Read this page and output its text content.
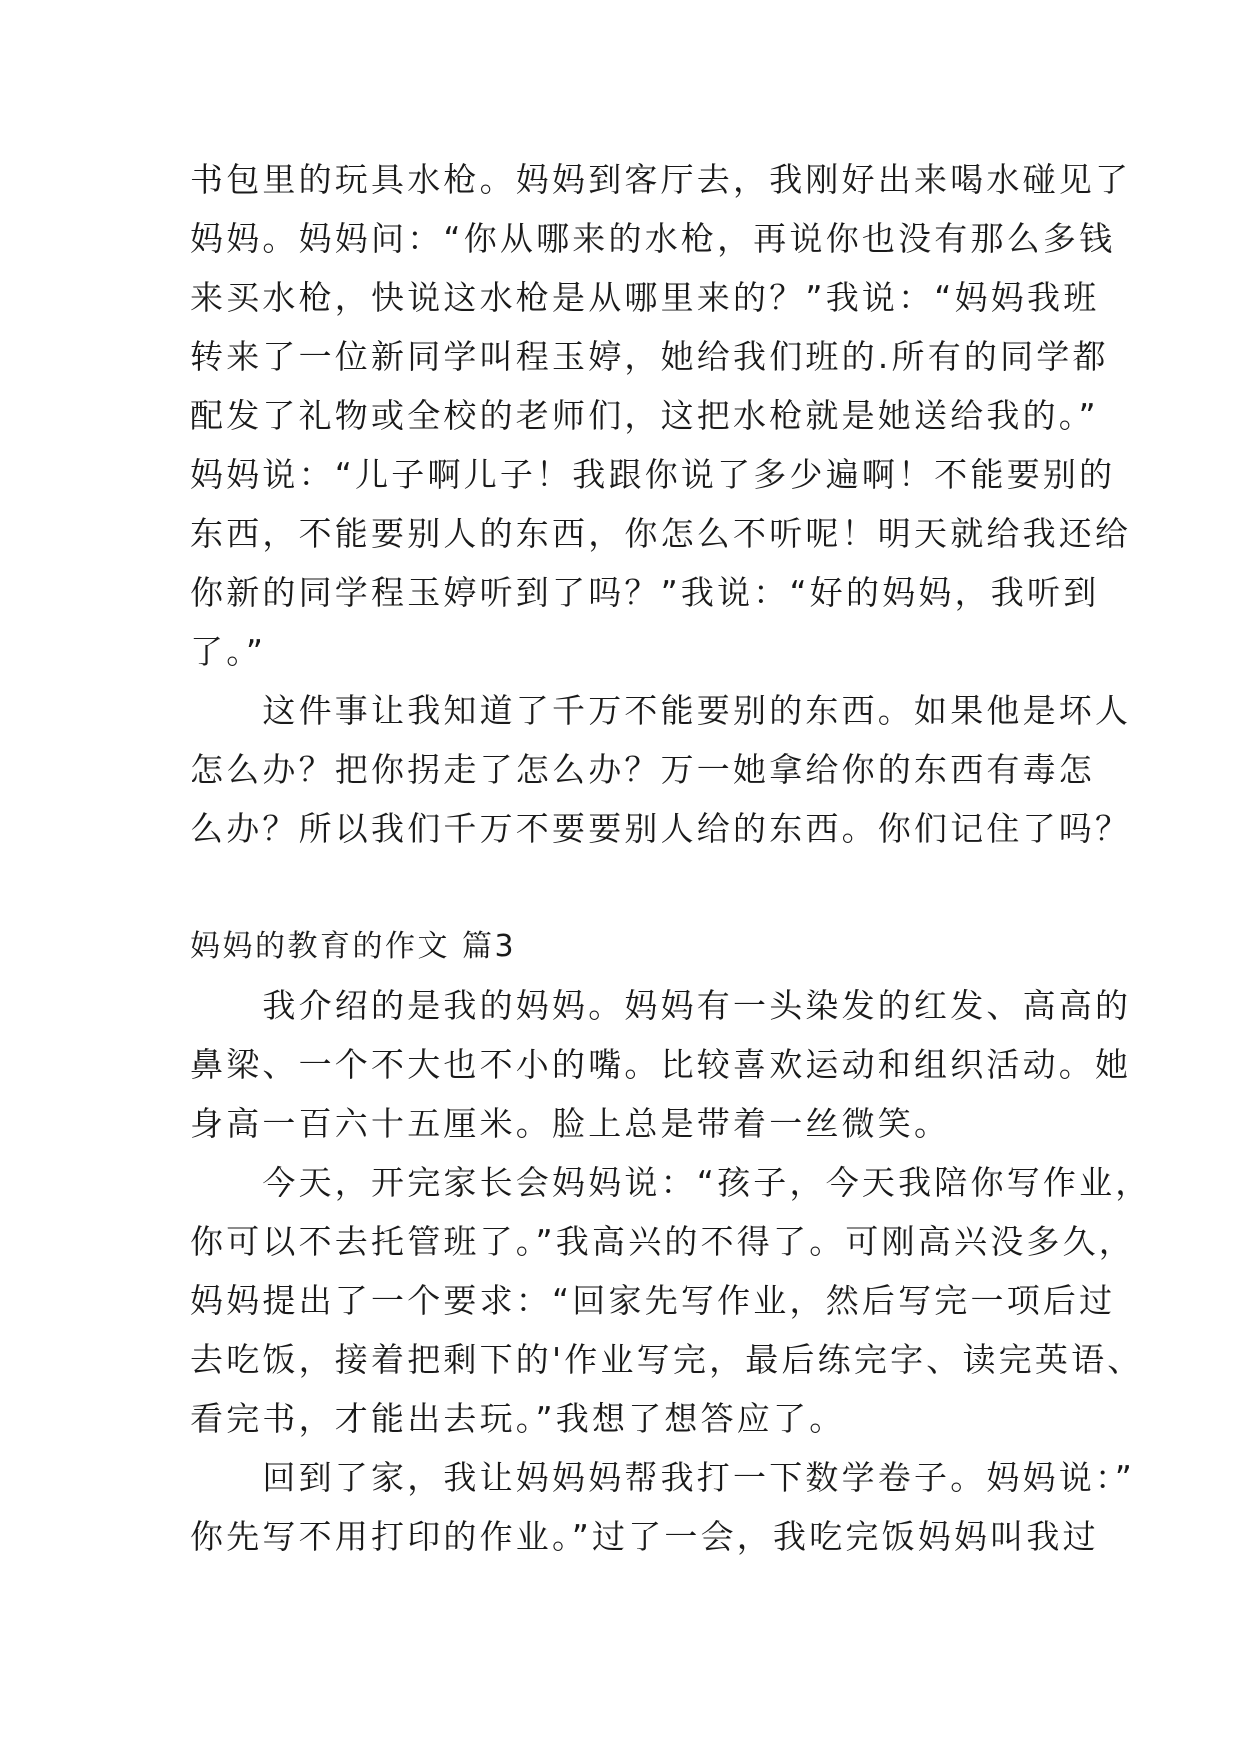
书包里的玩具水枪。妈妈到客厅去，我刚好出来喝水碰见了
妈妈。妈妈问：“你从哪来的水枪，再说你也没有那么多钱
来买水枪，快说这水枪是从哪里来的？”我说：“妈妈我班
转来了一位新同学叫程玉婷，她给我们班的.所有的同学都
配发了礼物或全校的老师们，这把水枪就是她送给我的。”
妈妈说：“儿子啊儿子！我跟你说了多少遍啊！不能要别的
东西，不能要别人的东西，你怎么不听呢！明天就给我还给
你新的同学程玉婷听到了吗？”我说：“好的妈妈，我听到
了。”
　　这件事让我知道了千万不能要别的东西。如果他是坏人
怎么办？把你拐走了怎么办？万一她拿给你的东西有毒怎
么办？所以我们千万不要要别人给的东西。你们记住了吗？
妈妈的教育的作文 篇3
　　我介绍的是我的妈妈。妈妈有一头染发的红发、高高的
鼻梁、一个不大也不小的嘴。比较喜欢运动和组织活动。她
身高一百六十五厘米。脸上总是带着一丝微笑。
　　今天，开完家长会妈妈说：“孩子，今天我陪你写作业，
你可以不去托管班了。”我高兴的不得了。可刚高兴没多久，
妈妈提出了一个要求：“回家先写作业，然后写完一项后过
去吃饭，接着把剩下的'作业写完，最后练完字、读完英语、
看完书，才能出去玩。”我想了想答应了。
　　回到了家，我让妈妈妈帮我打一下数学卷子。妈妈说：”
你先写不用打印的作业。”过了一会，我吃完饭妈妈叫我过
